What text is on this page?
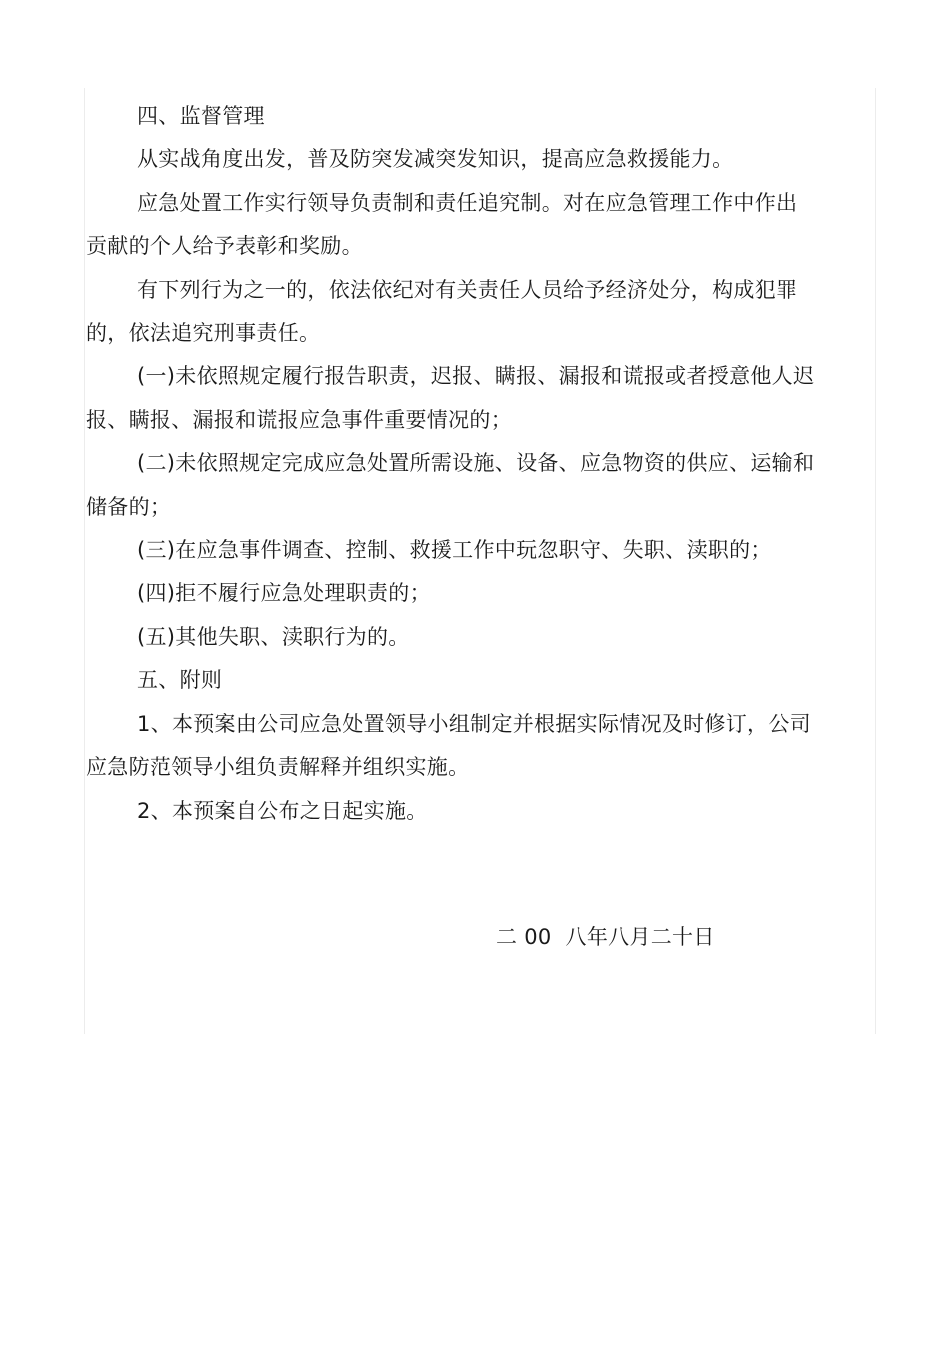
四、监督管理

从实战角度出发，普及防突发减突发知识，提高应急救援能力。

应急处置工作实行领导负责制和责任追究制。对在应急管理工作中作出贡献的个人给予表彰和奖励。

有下列行为之一的，依法依纪对有关责任人员给予经济处分，构成犯罪的，依法追究刑事责任。

(一)未依照规定履行报告职责，迟报、瞒报、漏报和谎报或者授意他人迟报、瞒报、漏报和谎报应急事件重要情况的；

(二)未依照规定完成应急处置所需设施、设备、应急物资的供应、运输和储备的；

(三)在应急事件调查、控制、救援工作中玩忽职守、失职、渎职的；

(四)拒不履行应急处理职责的；

(五)其他失职、渎职行为的。

五、附则

1、本预案由公司应急处置领导小组制定并根据实际情况及时修订，公司应急防范领导小组负责解释并组织实施。

2、本预案自公布之日起实施。

二 00  八年八月二十日
